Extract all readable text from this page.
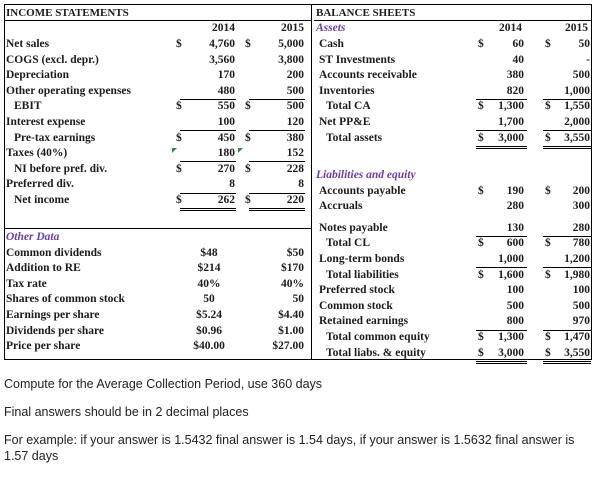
INCOME STATEMENTS
2014	2015
Net sales	$	4,760 $	5,000
COGS (excl. depr.)	3,560	3,800
Depreciation	170	200
Other operating expenses	480	500
EBIT	$	550 $	500
Interest expense	100	120
Pre-tax earnings	$	450 $	380
Taxes (40%)	180	152
NI before pref. div.	$	270 $	228
Preferred div.	8	8
Net income	$	262 $	220
Other Data
Common dividends	$48	$50
Addition to RE	$214	$170
Tax rate	40%	40%
Shares of common stock	50	50
Earnings per share	$5.24	$4.40
Dividends per share	$0.96	$1.00
Price per share	$40.00	$27.00
BALANCE SHEETS
Assets	2014	2015
Cash	$	60 $	50
ST Investments	40	-
Accounts receivable	380	500
Inventories	820	1,000
Total CA	$	1,300 $	1,550
Net PP&E	1,700	2,000
Total assets	$	3,000 $	3,550
Liabilities and equity
Accounts payable	$	190 $	200
Accruals	280	300
Notes payable	130	280
Total CL	$	600 $	780
Long-term bonds	1,000	1,200
Total liabilities	$	1,600 $	1,980
Preferred stock	100	100
Common stock	500	500
Retained earnings	800	970
Total common equity	$	1,300 $	1,470
Total liabs. & equity	$	3,000 $	3,550

Compute for the Average Collection Period, use 360 days

Final answers should be in 2 decimal places

For example: if your answer is 1.5432 final answer is 1.54 days, if your answer is 1.5632 final answer is 1.57 days
